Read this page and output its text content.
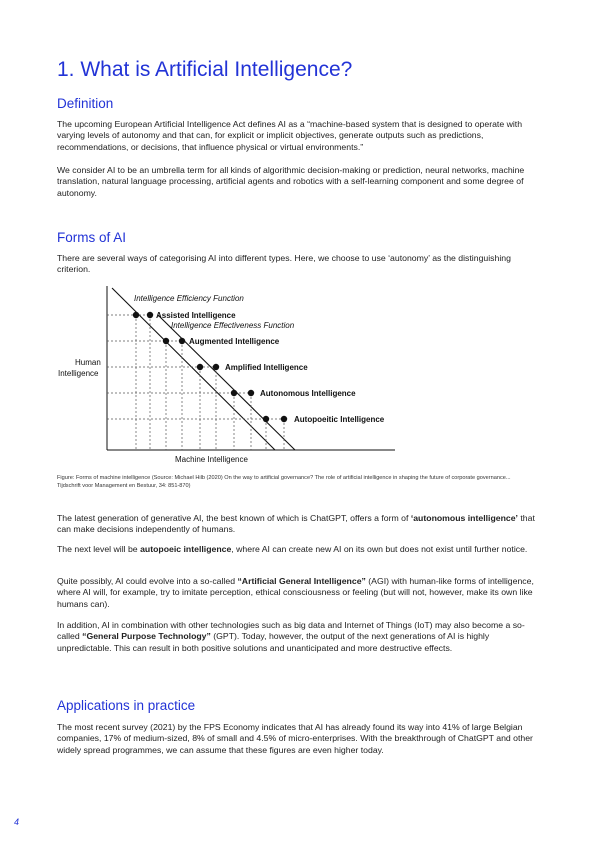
1. What is Artificial Intelligence?
Definition

The upcoming European Artificial Intelligence Act defines AI as a “machine-based system that is designed to operate with varying levels of autonomy and that can, for explicit or implicit objectives, generate outputs such as predictions, recommendations, or decisions, that influence physical or virtual environments.”

We consider AI to be an umbrella term for all kinds of algorithmic decision-making or prediction, neural networks, machine translation, natural language processing, artificial agents and robotics with a self-learning component and some degree of autonomy.

Forms of AI

There are several ways of categorising AI into different types. Here, we choose to use ‘autonomy’ as the distinguishing criterion.

Intelligence Efficiency Function
Intelligence Effectiveness Function
Assisted Intelligence
Augmented Intelligence
Amplified Intelligence
Autonomous Intelligence
Autopoeitic Intelligence
Human
Intelligence
Machine Intelligence

Figure: Forms of machine intelligence (Source: Michael Hilb (2020) On the way to artificial governance? The role of artificial intelligence in shaping the future of corporate governance... Tijdschrift voor Management en Bestuur, 34: 851-870)

The latest generation of generative AI, the best known of which is ChatGPT, offers a form of ‘autonomous intelligence’ that can make decisions independently of humans.

The next level will be autopoeic intelligence, where AI can create new AI on its own but does not exist until further notice.

Quite possibly, AI could evolve into a so-called “Artificial General Intelligence” (AGI) with human-like forms of intelligence, where AI will, for example, try to imitate perception, ethical consciousness or feeling (but will not, however, make its own like humans can).

In addition, AI in combination with other technologies such as big data and Internet of Things (IoT) may also become a so-called “General Purpose Technology” (GPT). Today, however, the output of the next generations of AI is highly unpredictable. This can result in both positive solutions and unanticipated and more destructive effects.

Applications in practice

The most recent survey (2021) by the FPS Economy indicates that AI has already found its way into 41% of large Belgian companies, 17% of medium-sized, 8% of small and 4.5% of micro-enterprises. With the breakthrough of ChatGPT and other widely spread programmes, we can assume that these figures are even higher today.

4
